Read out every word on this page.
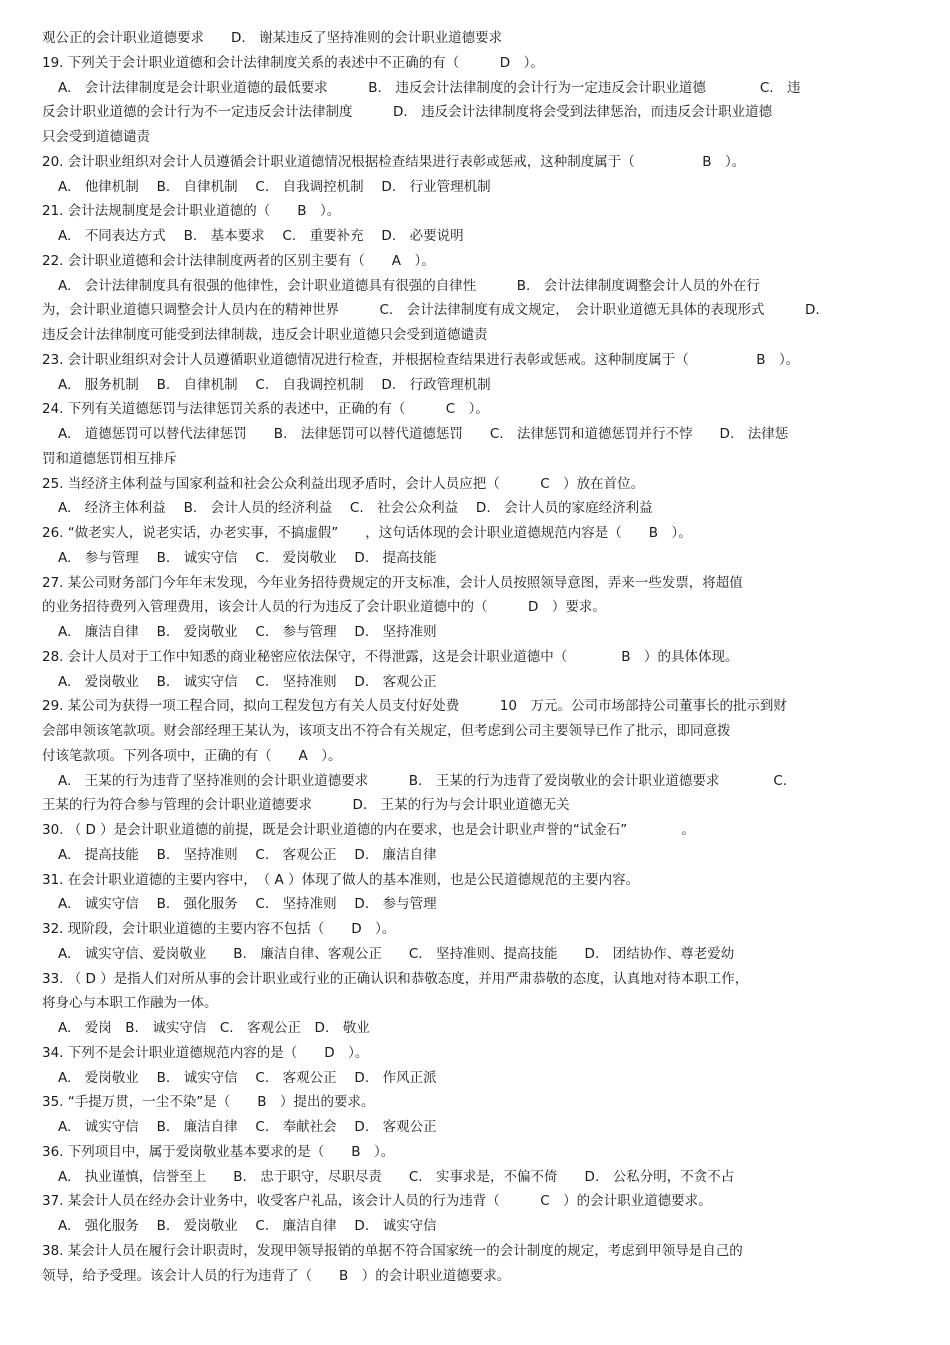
观公正的会计职业道德要求　　D.　谢某违反了坚持准则的会计职业道德要求
19. 下列关于会计职业道德和会计法律制度关系的表述中不正确的有（　　　D　）。
A.　会计法律制度是会计职业道德的最低要求　　　B.　违反会计法律制度的会计行为一定违反会计职业道德　　　　C.　违
反会计职业道德的会计行为不一定违反会计法律制度　　　D.　违反会计法律制度将会受到法律惩治，而违反会计职业道德
只会受到道德谴责
20. 会计职业组织对会计人员遵循会计职业道德情况根据检查结果进行表彰或惩戒，这种制度属于（　　　　　B　）。
A.　他律机制　 B.　自律机制　 C.　自我调控机制　 D.　行业管理机制
21. 会计法规制度是会计职业道德的（　　B　）。
A.　不同表达方式　 B.　基本要求　 C.　重要补充　 D.　必要说明
22. 会计职业道德和会计法律制度两者的区别主要有（　　A　）。
A.　会计法律制度具有很强的他律性，会计职业道德具有很强的自律性　　　B.　会计法律制度调整会计人员的外在行
为，会计职业道德只调整会计人员内在的精神世界　　　C.　会计法律制度有成文规定，　会计职业道德无具体的表现形式　　　D.
违反会计法律制度可能受到法律制裁，违反会计职业道德只会受到道德谴责
23. 会计职业组织对会计人员遵循职业道德情况进行检查，并根据检查结果进行表彰或惩戒。这种制度属于（　　　　　B　）。
A.　服务机制　 B.　自律机制　 C.　自我调控机制　 D.　行政管理机制
24. 下列有关道德惩罚与法律惩罚关系的表述中，正确的有（　　　C　）。
A.　道德惩罚可以替代法律惩罚　　B.　法律惩罚可以替代道德惩罚　　C.　法律惩罚和道德惩罚并行不悖　　D.　法律惩
罚和道德惩罚相互排斥
25. 当经济主体利益与国家利益和社会公众利益出现矛盾时，会计人员应把（　　　C　）放在首位。
A.　经济主体利益　 B.　会计人员的经济利益　 C.　社会公众利益　 D.　会计人员的家庭经济利益
26. “做老实人，说老实话，办老实事，不搞虚假”　　，这句话体现的会计职业道德规范内容是（　　B　）。
A.　参与管理　 B.　诚实守信　 C.　爱岗敬业　 D.　提高技能
27. 某公司财务部门今年年末发现，今年业务招待费规定的开支标准，会计人员按照领导意图，弄来一些发票，将超值
的业务招待费列入管理费用，该会计人员的行为违反了会计职业道德中的（　　　D　）要求。
A.　廉洁自律　 B.　爱岗敬业　 C.　参与管理　 D.　坚持准则
28. 会计人员对于工作中知悉的商业秘密应依法保守，不得泄露，这是会计职业道德中（　　　　B　）的具体体现。
A.　爱岗敬业　 B.　诚实守信　 C.　坚持准则　 D.　客观公正
29. 某公司为获得一项工程合同，拟向工程发包方有关人员支付好处费　　　10　万元。公司市场部持公司董事长的批示到财
会部申领该笔款项。财会部经理王某认为，该项支出不符合有关规定，但考虑到公司主要领导已作了批示，即同意拨
付该笔款项。下列各项中，正确的有（　　A　）。
A.　王某的行为违背了坚持准则的会计职业道德要求　　　B.　王某的行为违背了爱岗敬业的会计职业道德要求　　　　C.
王某的行为符合参与管理的会计职业道德要求　　　D.　王某的行为与会计职业道德无关
30. （ D ）是会计职业道德的前提，既是会计职业道德的内在要求，也是会计职业声誉的“试金石”　　　　。
A.　提高技能　 B.　坚持准则　 C.　客观公正　 D.　廉洁自律
31. 在会计职业道德的主要内容中，　（ A ）体现了做人的基本准则，也是公民道德规范的主要内容。
A.　诚实守信　 B.　强化服务　 C.　坚持准则　 D.　参与管理
32. 现阶段，会计职业道德的主要内容不包括（　　D　）。
A.　诚实守信、爱岗敬业　　B.　廉洁自律、客观公正　　C.　坚持准则、提高技能　　D.　团结协作、尊老爱幼
33. （ D ）是指人们对所从事的会计职业或行业的正确认识和恭敬态度，并用严肃恭敬的态度，认真地对待本职工作，
将身心与本职工作融为一体。
A.　爱岗　B.　诚实守信　C.　客观公正　D.　敬业
34. 下列不是会计职业道德规范内容的是（　　D　）。
A.　爱岗敬业　 B.　诚实守信　 C.　客观公正　 D.　作风正派
35. “手提万贯，一尘不染”是（　　B　）提出的要求。
A.　诚实守信　 B.　廉洁自律　 C.　奉献社会　 D.　客观公正
36. 下列项目中，属于爱岗敬业基本要求的是（　　B　）。
A.　执业谨慎，信誉至上　　B.　忠于职守，尽职尽责　　C.　实事求是，不偏不倚　　D.　公私分明，不贪不占
37. 某会计人员在经办会计业务中，收受客户礼品，该会计人员的行为违背（　　　C　）的会计职业道德要求。
A.　强化服务　 B.　爱岗敬业　 C.　廉洁自律　 D.　诚实守信
38. 某会计人员在履行会计职责时，发现甲领导报销的单据不符合国家统一的会计制度的规定，考虑到甲领导是自己的
领导，给予受理。该会计人员的行为违背了（　　B　）的会计职业道德要求。
